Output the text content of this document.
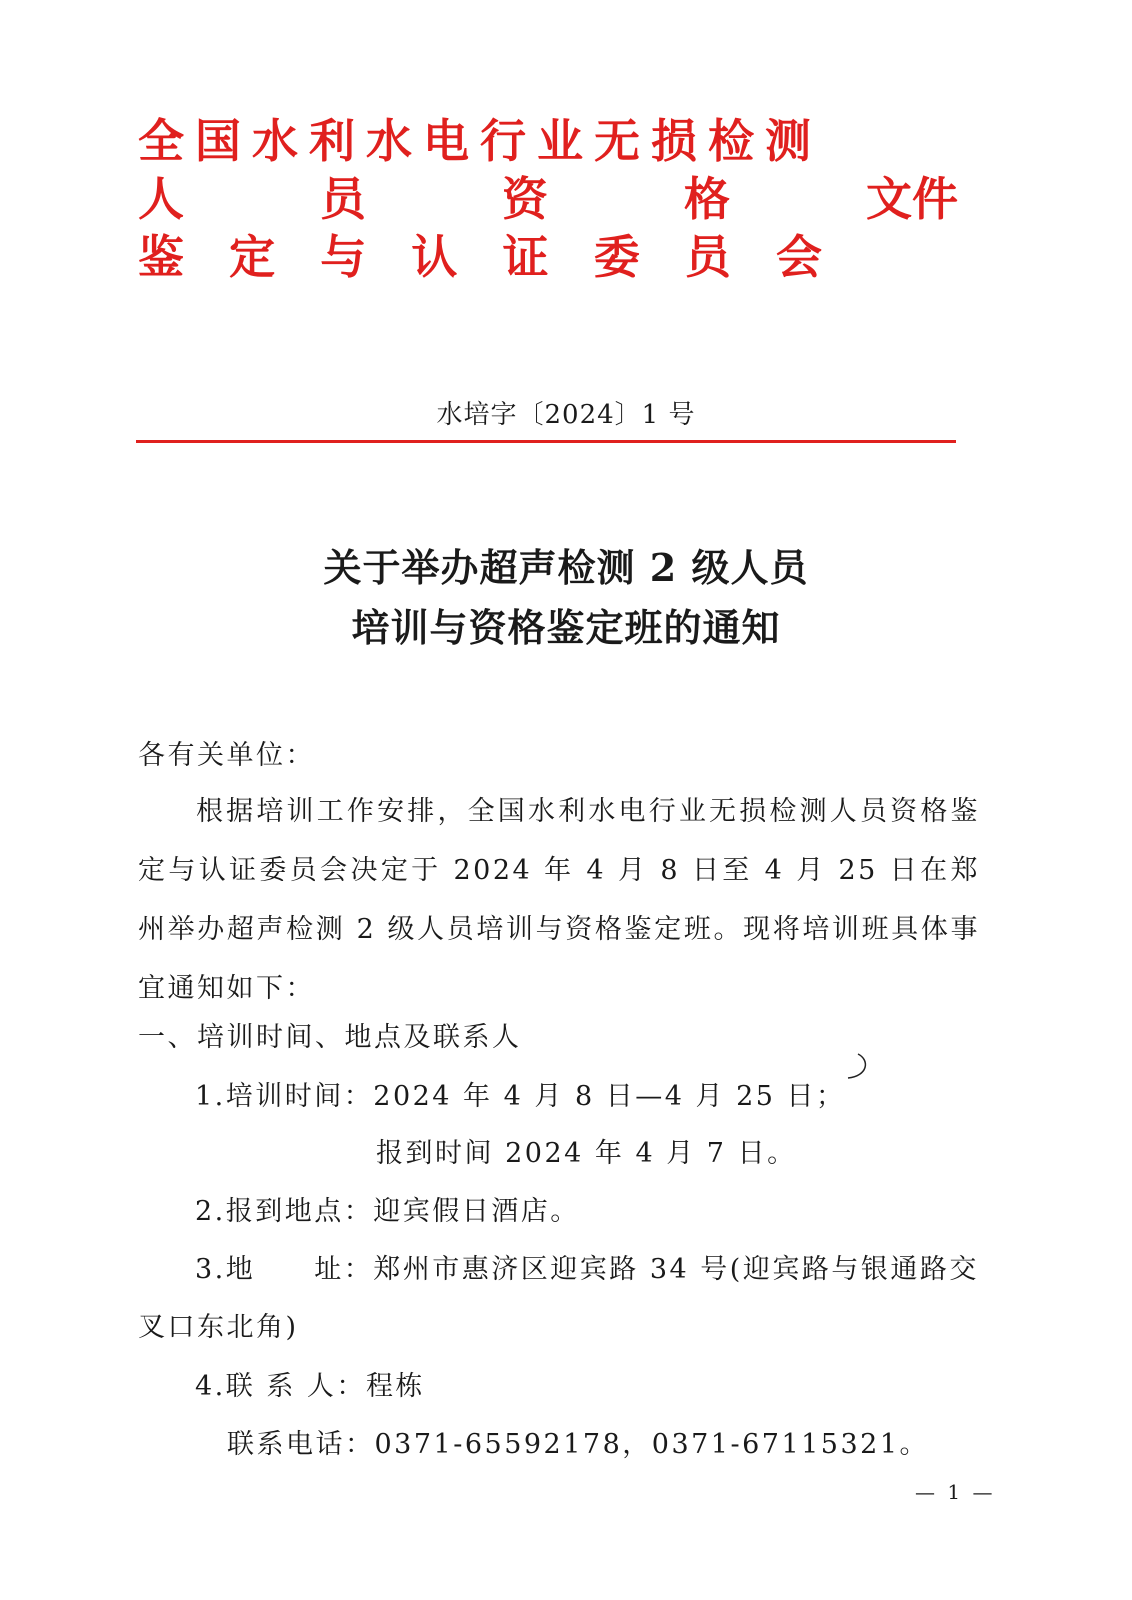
全 国 水 利 水 电 行 业 无 损 检 测
人	员	资	格	文件
鉴 定 与 认 证 委 员 会
水培字〔2024〕1 号
关于举办超声检测 2 级人员
培训与资格鉴定班的通知
各有关单位：
根据培训工作安排，全国水利水电行业无损检测人员资格鉴定与认证委员会决定于 2024 年 4 月 8 日至 4 月 25 日在郑州举办超声检测 2 级人员培训与资格鉴定班。现将培训班具体事宜通知如下：
一、培训时间、地点及联系人
1.培训时间：2024 年 4 月 8 日—4 月 25 日；
报到时间 2024 年 4 月 7 日。
2.报到地点：迎宾假日酒店。
3.地　　址：郑州市惠济区迎宾路 34 号(迎宾路与银通路交
叉口东北角)
4.联 系 人：程栋
联系电话：0371-65592178，0371-67115321。
— 1 —
